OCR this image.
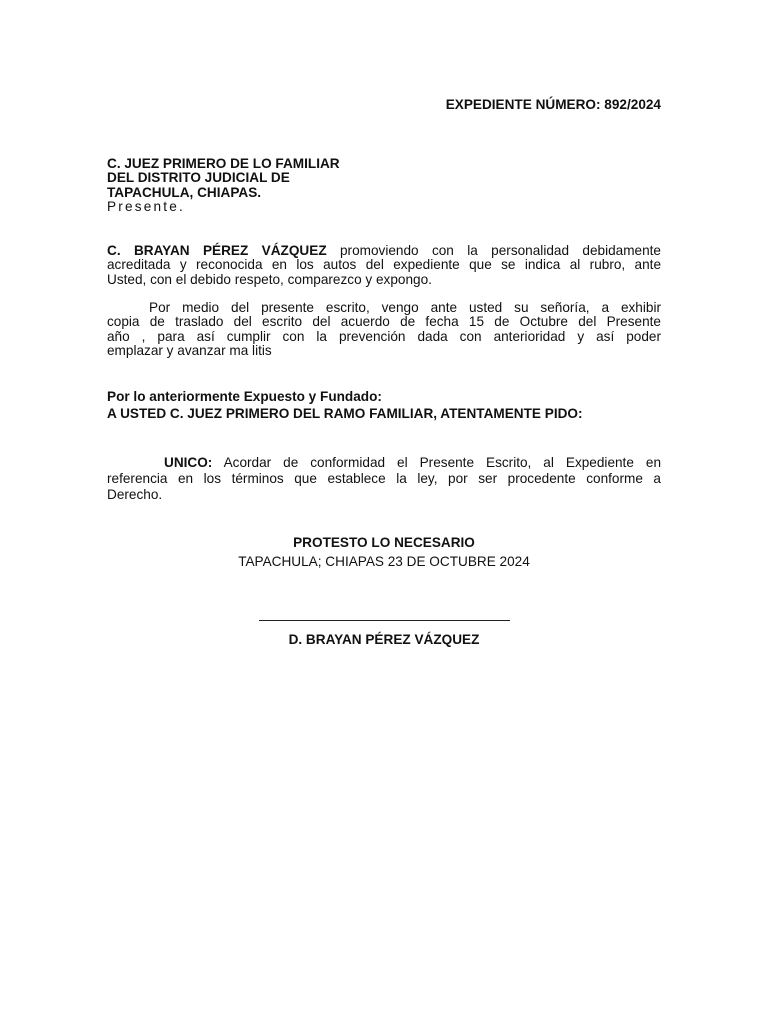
EXPEDIENTE NÚMERO: 892/2024
C. JUEZ PRIMERO DE LO FAMILIAR
DEL DISTRITO JUDICIAL DE
TAPACHULA, CHIAPAS.
Presente.
C. BRAYAN PÉREZ VÁZQUEZ promoviendo con la personalidad debidamente
acreditada y reconocida en los autos del expediente que se indica al rubro, ante
Usted, con el debido respeto, comparezco y expongo.
Por medio del presente escrito, vengo ante usted su señoría, a exhibir
copia de traslado del escrito del acuerdo de fecha 15 de Octubre del Presente
año , para así cumplir con la prevención dada con anterioridad y así poder
emplazar y avanzar ma litis
Por lo anteriormente Expuesto y Fundado:
A USTED C. JUEZ PRIMERO DEL RAMO FAMILIAR, ATENTAMENTE PIDO:
UNICO: Acordar de conformidad el Presente Escrito, al Expediente en
referencia en los términos que establece la ley, por ser procedente conforme a
Derecho.
PROTESTO LO NECESARIO
TAPACHULA; CHIAPAS 23 DE OCTUBRE 2024
D. BRAYAN PÉREZ VÁZQUEZ
